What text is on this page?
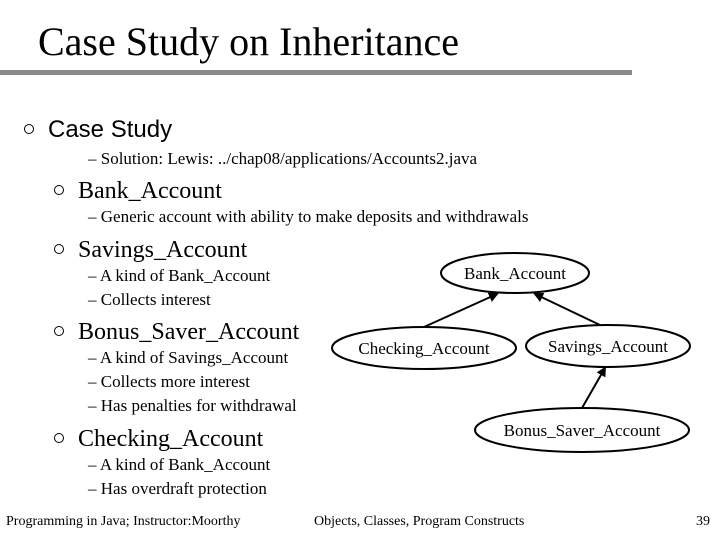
Case Study on Inheritance
Case Study
– Solution: Lewis: ../chap08/applications/Accounts2.java
Bank_Account
– Generic account with ability to make deposits and withdrawals
Savings_Account
– A kind of Bank_Account
– Collects interest
Bonus_Saver_Account
– A kind of Savings_Account
– Collects more interest
– Has penalties for withdrawal
Checking_Account
– A kind of Bank_Account
– Has overdraft protection
Bank_Account
Checking_Account	Savings_Account
Bonus_Saver_Account
Programming in Java; Instructor:Moorthy	Objects, Classes, Program Constructs	39
